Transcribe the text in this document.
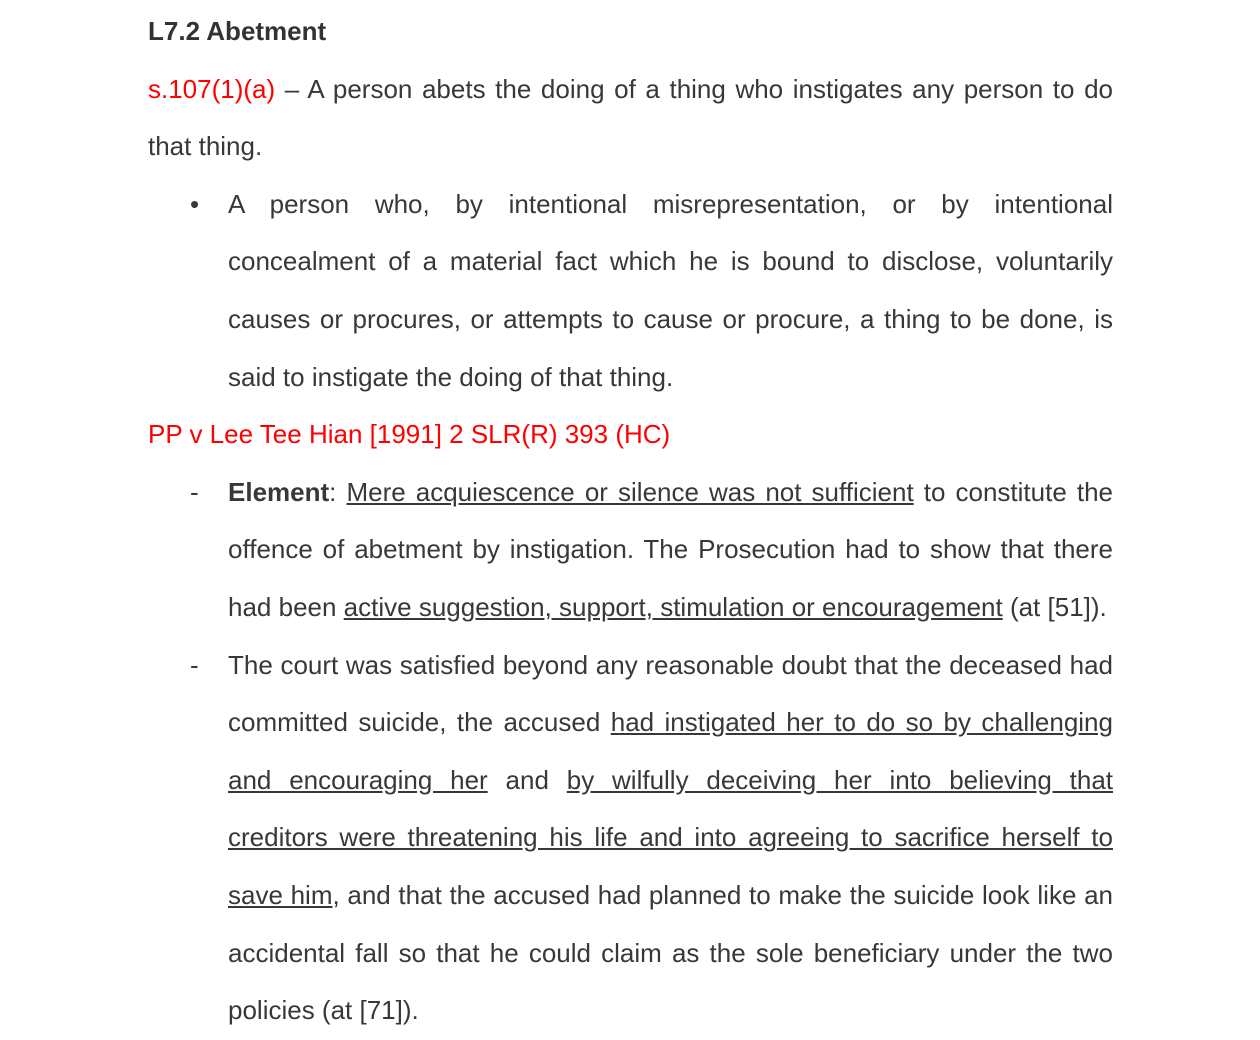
L7.2 Abetment

s.107(1)(a) – A person abets the doing of a thing who instigates any person to do that thing.

•	A person who, by intentional misrepresentation, or by intentional concealment of a material fact which he is bound to disclose, voluntarily causes or procures, or attempts to cause or procure, a thing to be done, is said to instigate the doing of that thing.

PP v Lee Tee Hian [1991] 2 SLR(R) 393 (HC)

-	Element: Mere acquiescence or silence was not sufficient to constitute the offence of abetment by instigation. The Prosecution had to show that there had been active suggestion, support, stimulation or encouragement (at [51]).

-	The court was satisfied beyond any reasonable doubt that the deceased had committed suicide, the accused had instigated her to do so by challenging and encouraging her and by wilfully deceiving her into believing that creditors were threatening his life and into agreeing to sacrifice herself to save him, and that the accused had planned to make the suicide look like an accidental fall so that he could claim as the sole beneficiary under the two policies (at [71]).
